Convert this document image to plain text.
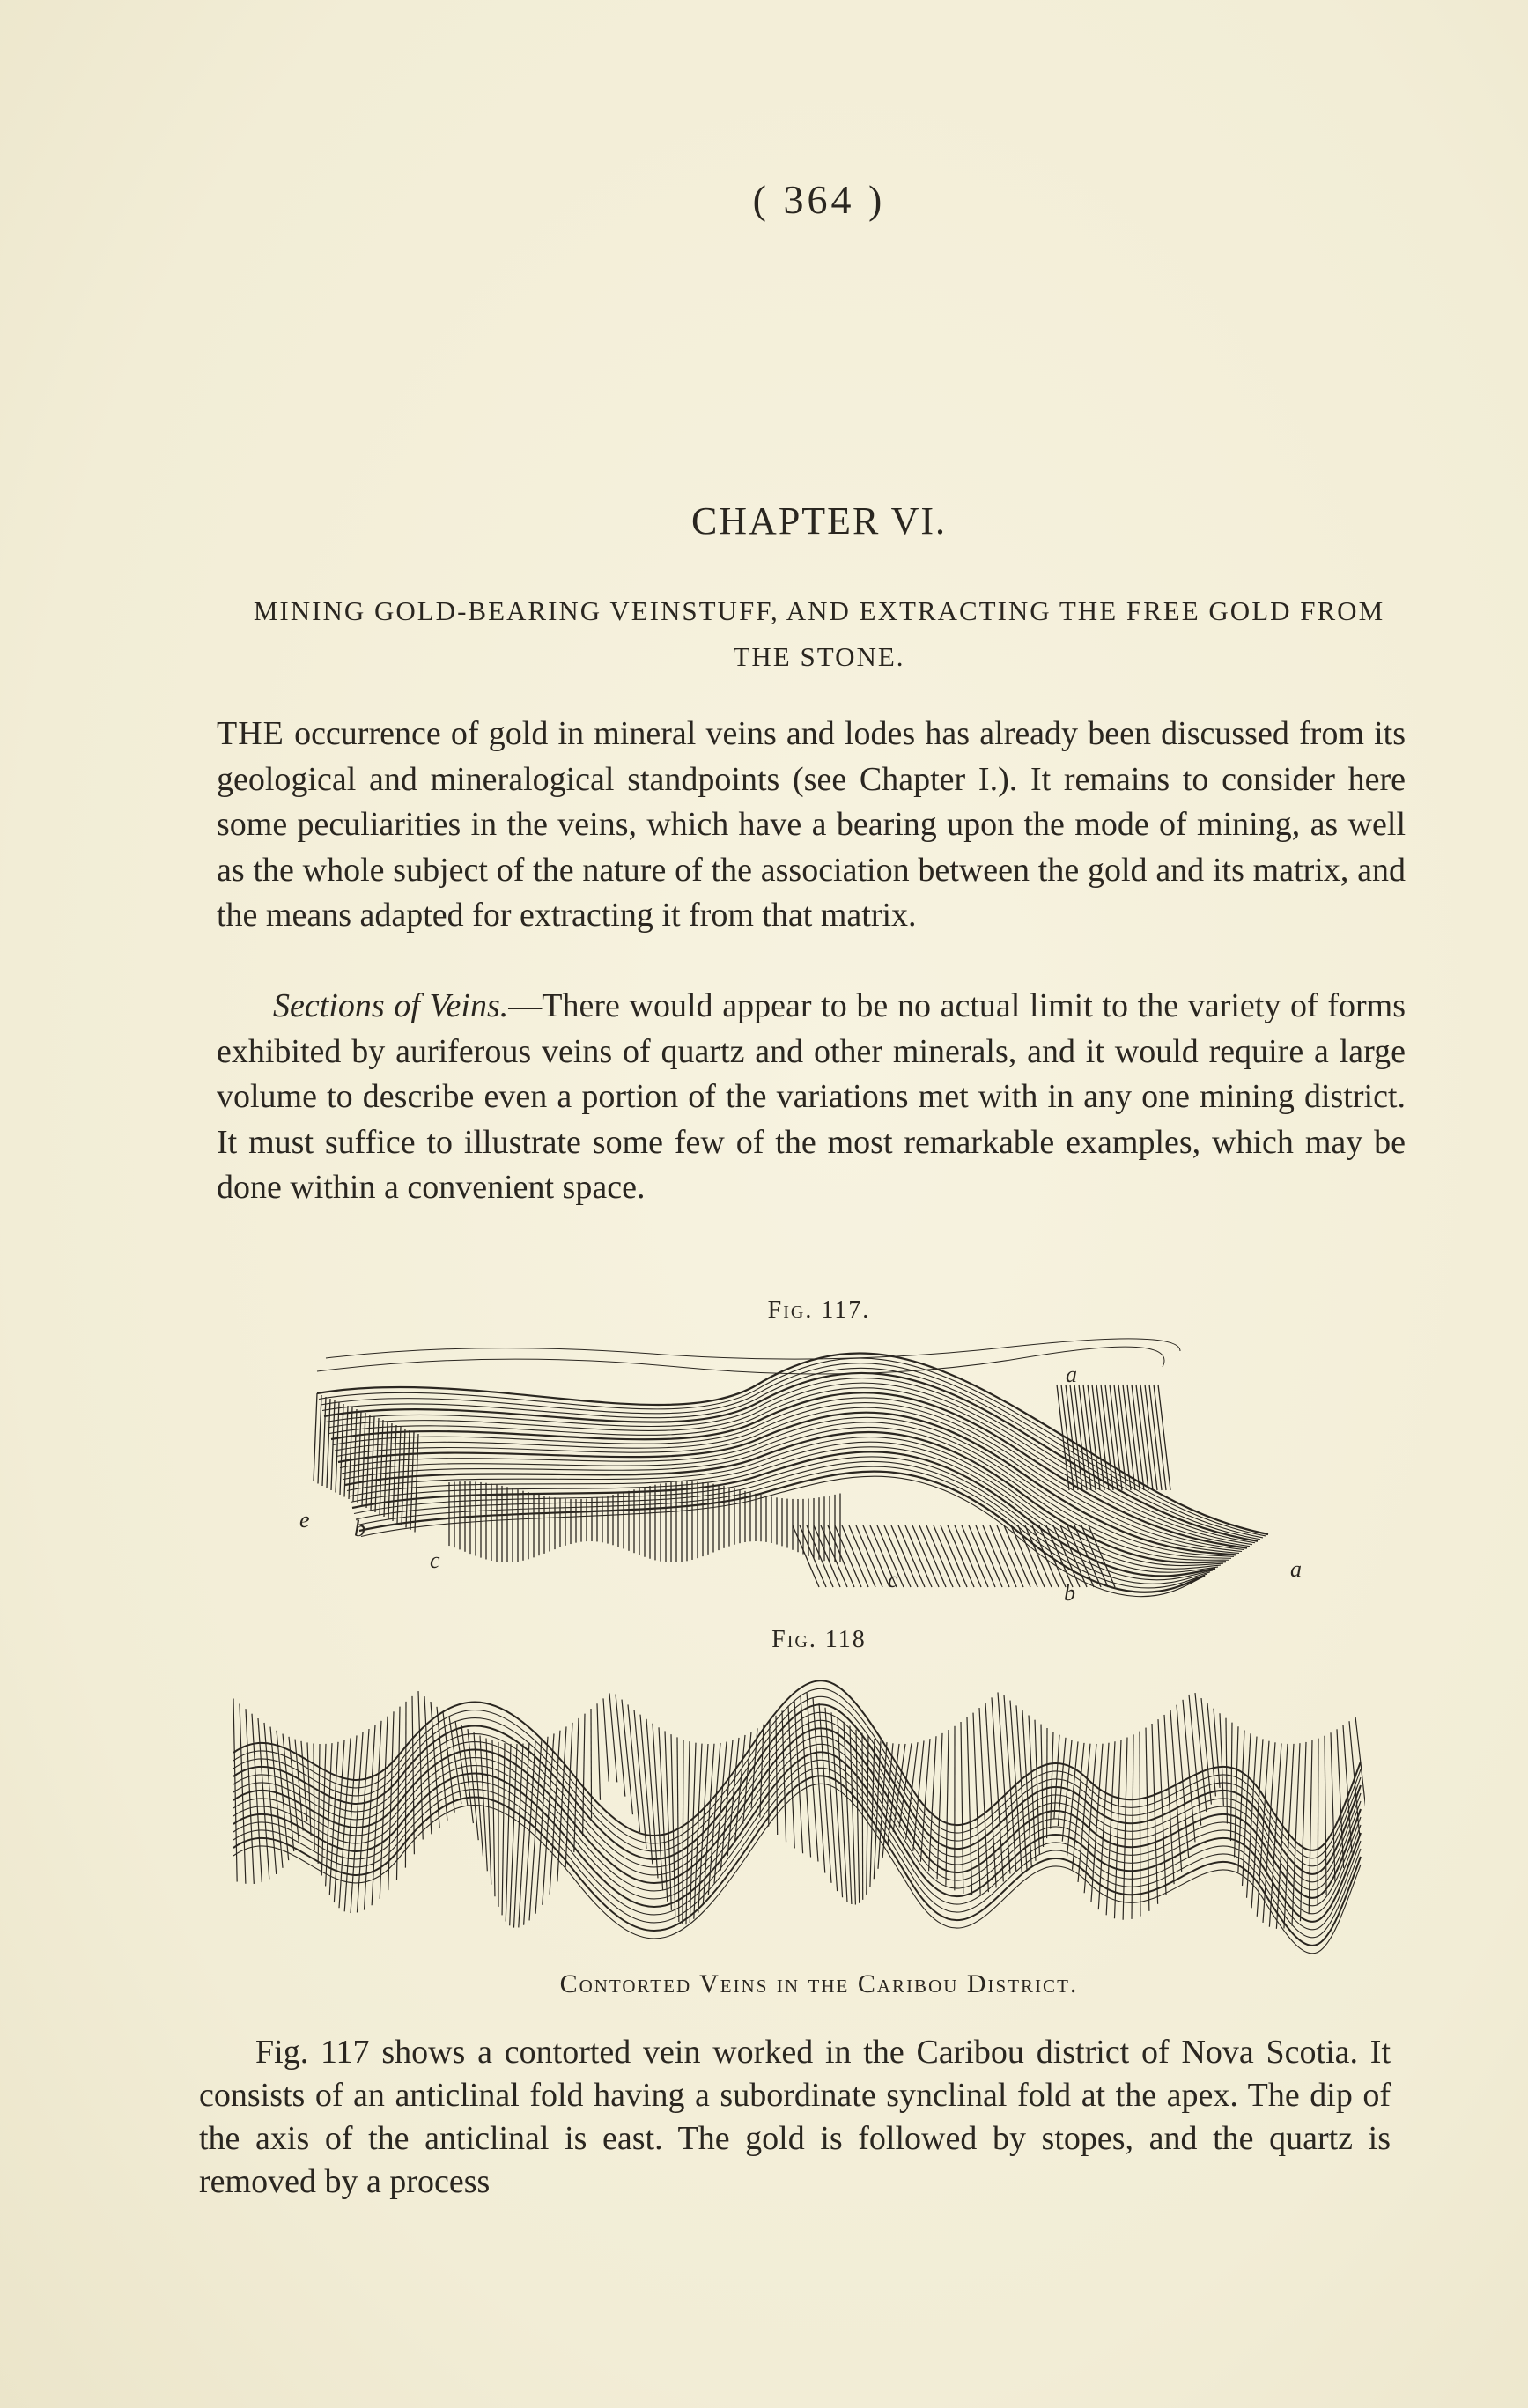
( 364 )
CHAPTER VI.
MINING GOLD-BEARING VEINSTUFF, AND EXTRACTING THE FREE GOLD FROM THE STONE.
THE occurrence of gold in mineral veins and lodes has already been discussed from its geological and mineralogical standpoints (see Chapter I.). It remains to consider here some peculiarities in the veins, which have a bearing upon the mode of mining, as well as the whole subject of the nature of the association between the gold and its matrix, and the means adapted for extracting it from that matrix.
Sections of Veins.—There would appear to be no actual limit to the variety of forms exhibited by auriferous veins of quartz and other minerals, and it would require a large volume to describe even a portion of the variations met with in any one mining district. It must suffice to illustrate some few of the most remarkable examples, which may be done within a convenient space.
Fig. 117.
a
e b
c
c
b
a
Fig. 118
Contorted Veins in the Caribou District.
Fig. 117 shows a contorted vein worked in the Caribou district of Nova Scotia. It consists of an anticlinal fold having a subordinate synclinal fold at the apex. The dip of the axis of the anticlinal is east. The gold is followed by stopes, and the quartz is removed by a process
